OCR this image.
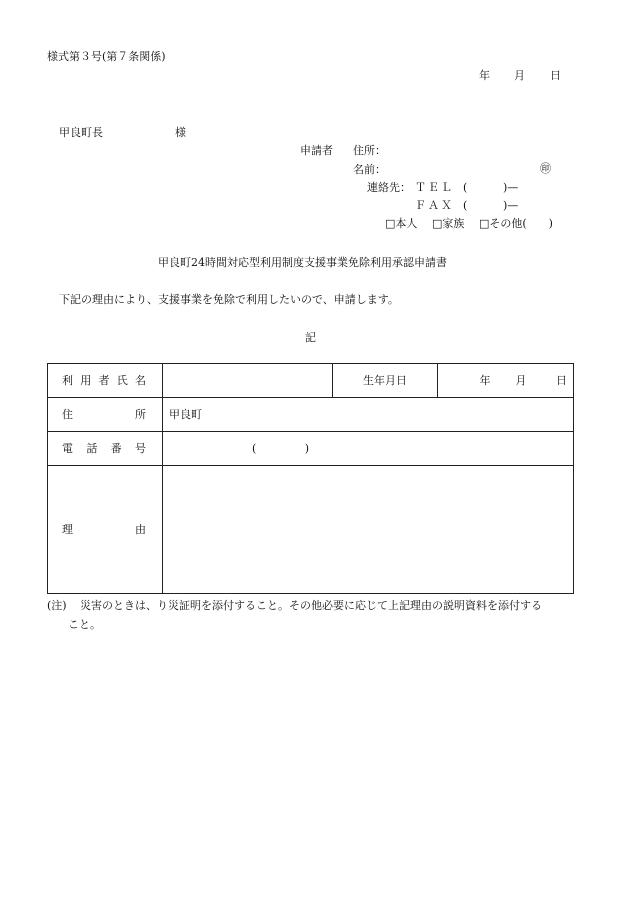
様式第３号(第７条関係)
年 月 日
甲良町長	様
申請者 住所：
名前：	㊞
連絡先： ＴＥＬ (	)—
ＦＡＸ (	)—
□本人 □家族 □その他(　　)
甲良町24時間対応型利用制度支援事業免除利用承認申請書
下記の理由により、支援事業を免除で利用したいので、申請します。
記
利 用 者 氏 名		生年月日	年 月 日

住 所	甲良町		

電 話 番 号	( )		

理 由			

(注) 災害のときは、り災証明を添付すること。その他必要に応じて上記理由の説明資料を添付する
こと。
